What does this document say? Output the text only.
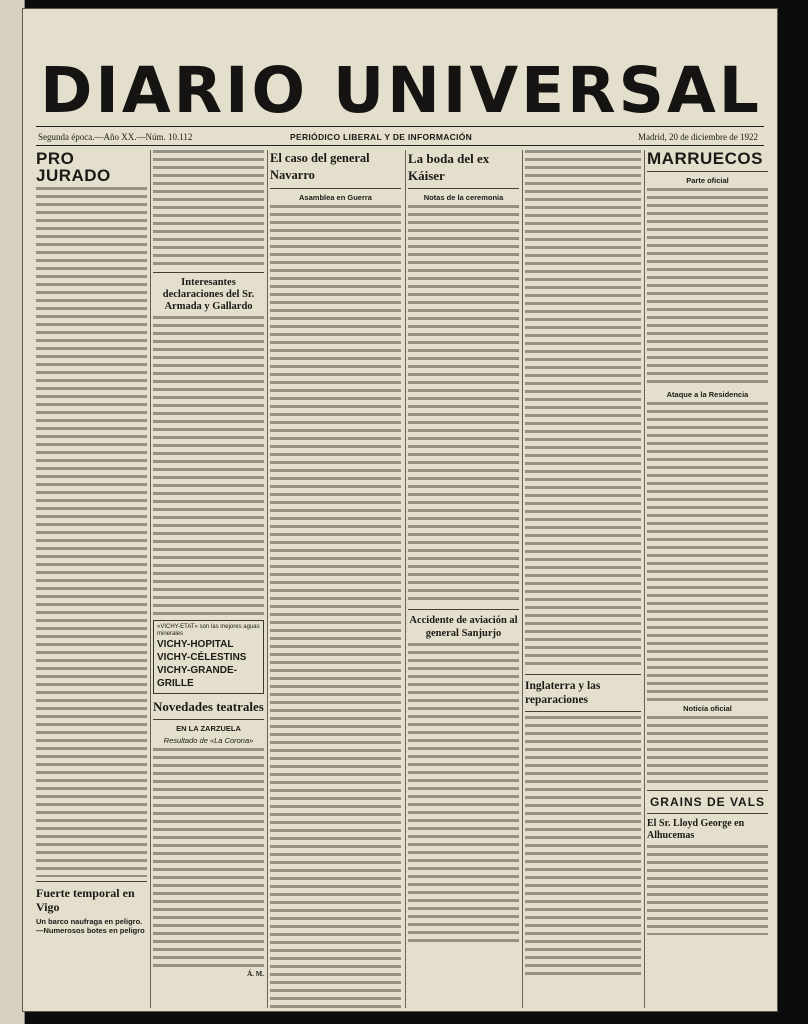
DIARIO UNIVERSAL
Segunda época.—Año XX.—Núm. 10.112	PERIÓDICO LIBERAL Y DE INFORMACIÓN	Madrid, 20 de diciembre de 1922
PRO JURADO
Fuerte temporal en Vigo
Un barco naufraga en peligro.—Numerosos botes en peligro
Interesantes declaraciones del Sr. Armada y Gallardo
«VICHY-ETAT» son las mejores aguas minerales
VICHY-HOPITAL
VICHY-CÉLESTINS
VICHY-GRANDE-GRILLE
Novedades teatrales
EN LA ZARZUELA
Resultado de «La Corona»
Á. M.
El caso del general Navarro
Asamblea en Guerra
La boda del ex Káiser
Notas de la ceremonia
Accidente de aviación al general Sanjurjo
Inglaterra y las reparaciones
MARRUECOS
Parte oficial
Ataque a la Residencia
Noticia oficial
GRAINS DE VALS
El Sr. Lloyd George en Alhucemas
